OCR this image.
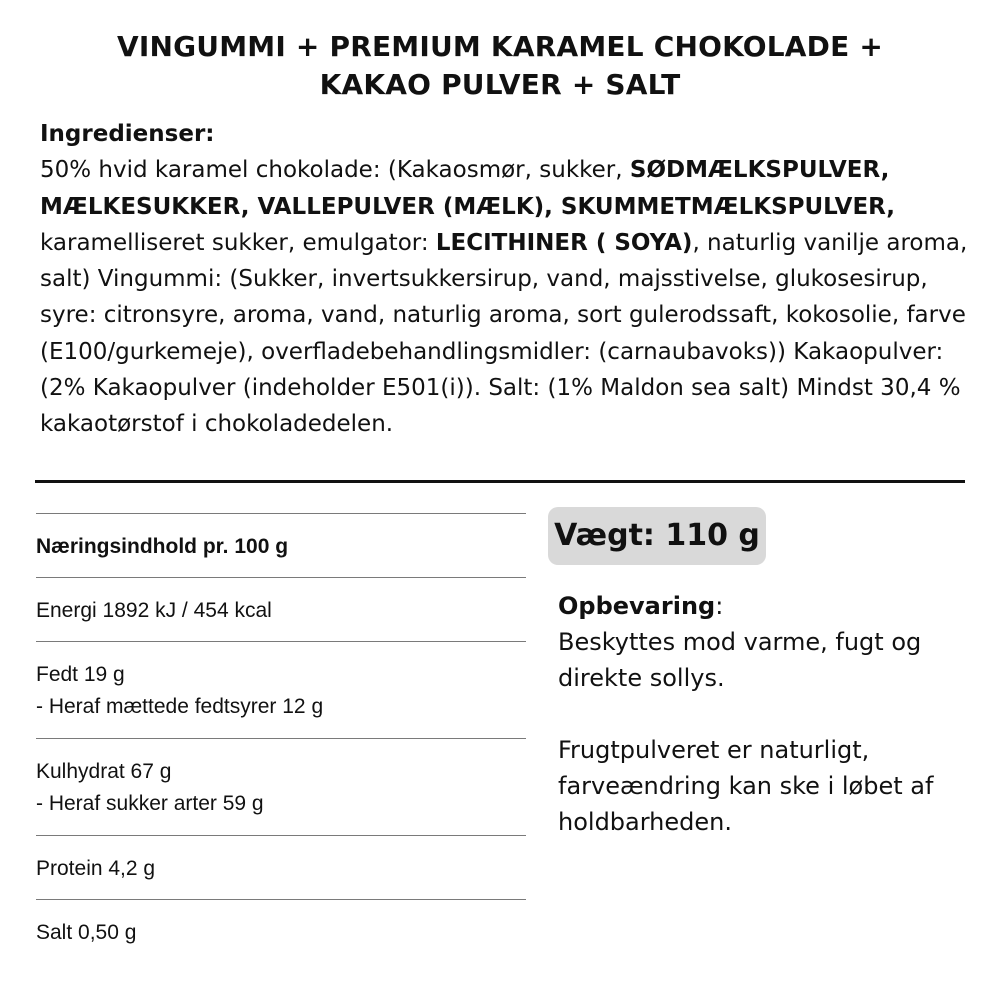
VINGUMMI + PREMIUM KARAMEL CHOKOLADE +
KAKAO PULVER + SALT
Ingredienser:
50% hvid karamel chokolade: (Kakaosmør, sukker, SØDMÆLKSPULVER, MÆLKESUKKER, VALLEPULVER (MÆLK), SKUMMETMÆLKSPULVER, karamelliseret sukker, emulgator: LECITHINER ( SOYA), naturlig vanilje aroma, salt) Vingummi: (Sukker, invertsukkersirup, vand, majsstivelse, glukosesirup, syre: citronsyre, aroma, vand, naturlig aroma, sort gulerodssaft, kokosolie, farve (E100/gurkemeje), overfladebehandlingsmidler: (carnaubavoks)) Kakaopulver: (2% Kakaopulver (indeholder E501(i)). Salt: (1% Maldon sea salt) Mindst 30,4 % kakaotørstof i chokoladedelen.
Næringsindhold pr. 100 g
Energi 1892 kJ / 454 kcal
Fedt 19 g
- Heraf mættede fedtsyrer 12 g
Kulhydrat 67 g
- Heraf sukker arter 59 g
Protein 4,2 g
Salt 0,50 g
Vægt: 110 g

Opbevaring:

Beskyttes mod varme, fugt og direkte sollys.

Frugtpulveret er naturligt, farveændring kan ske i løbet af holdbarheden.
